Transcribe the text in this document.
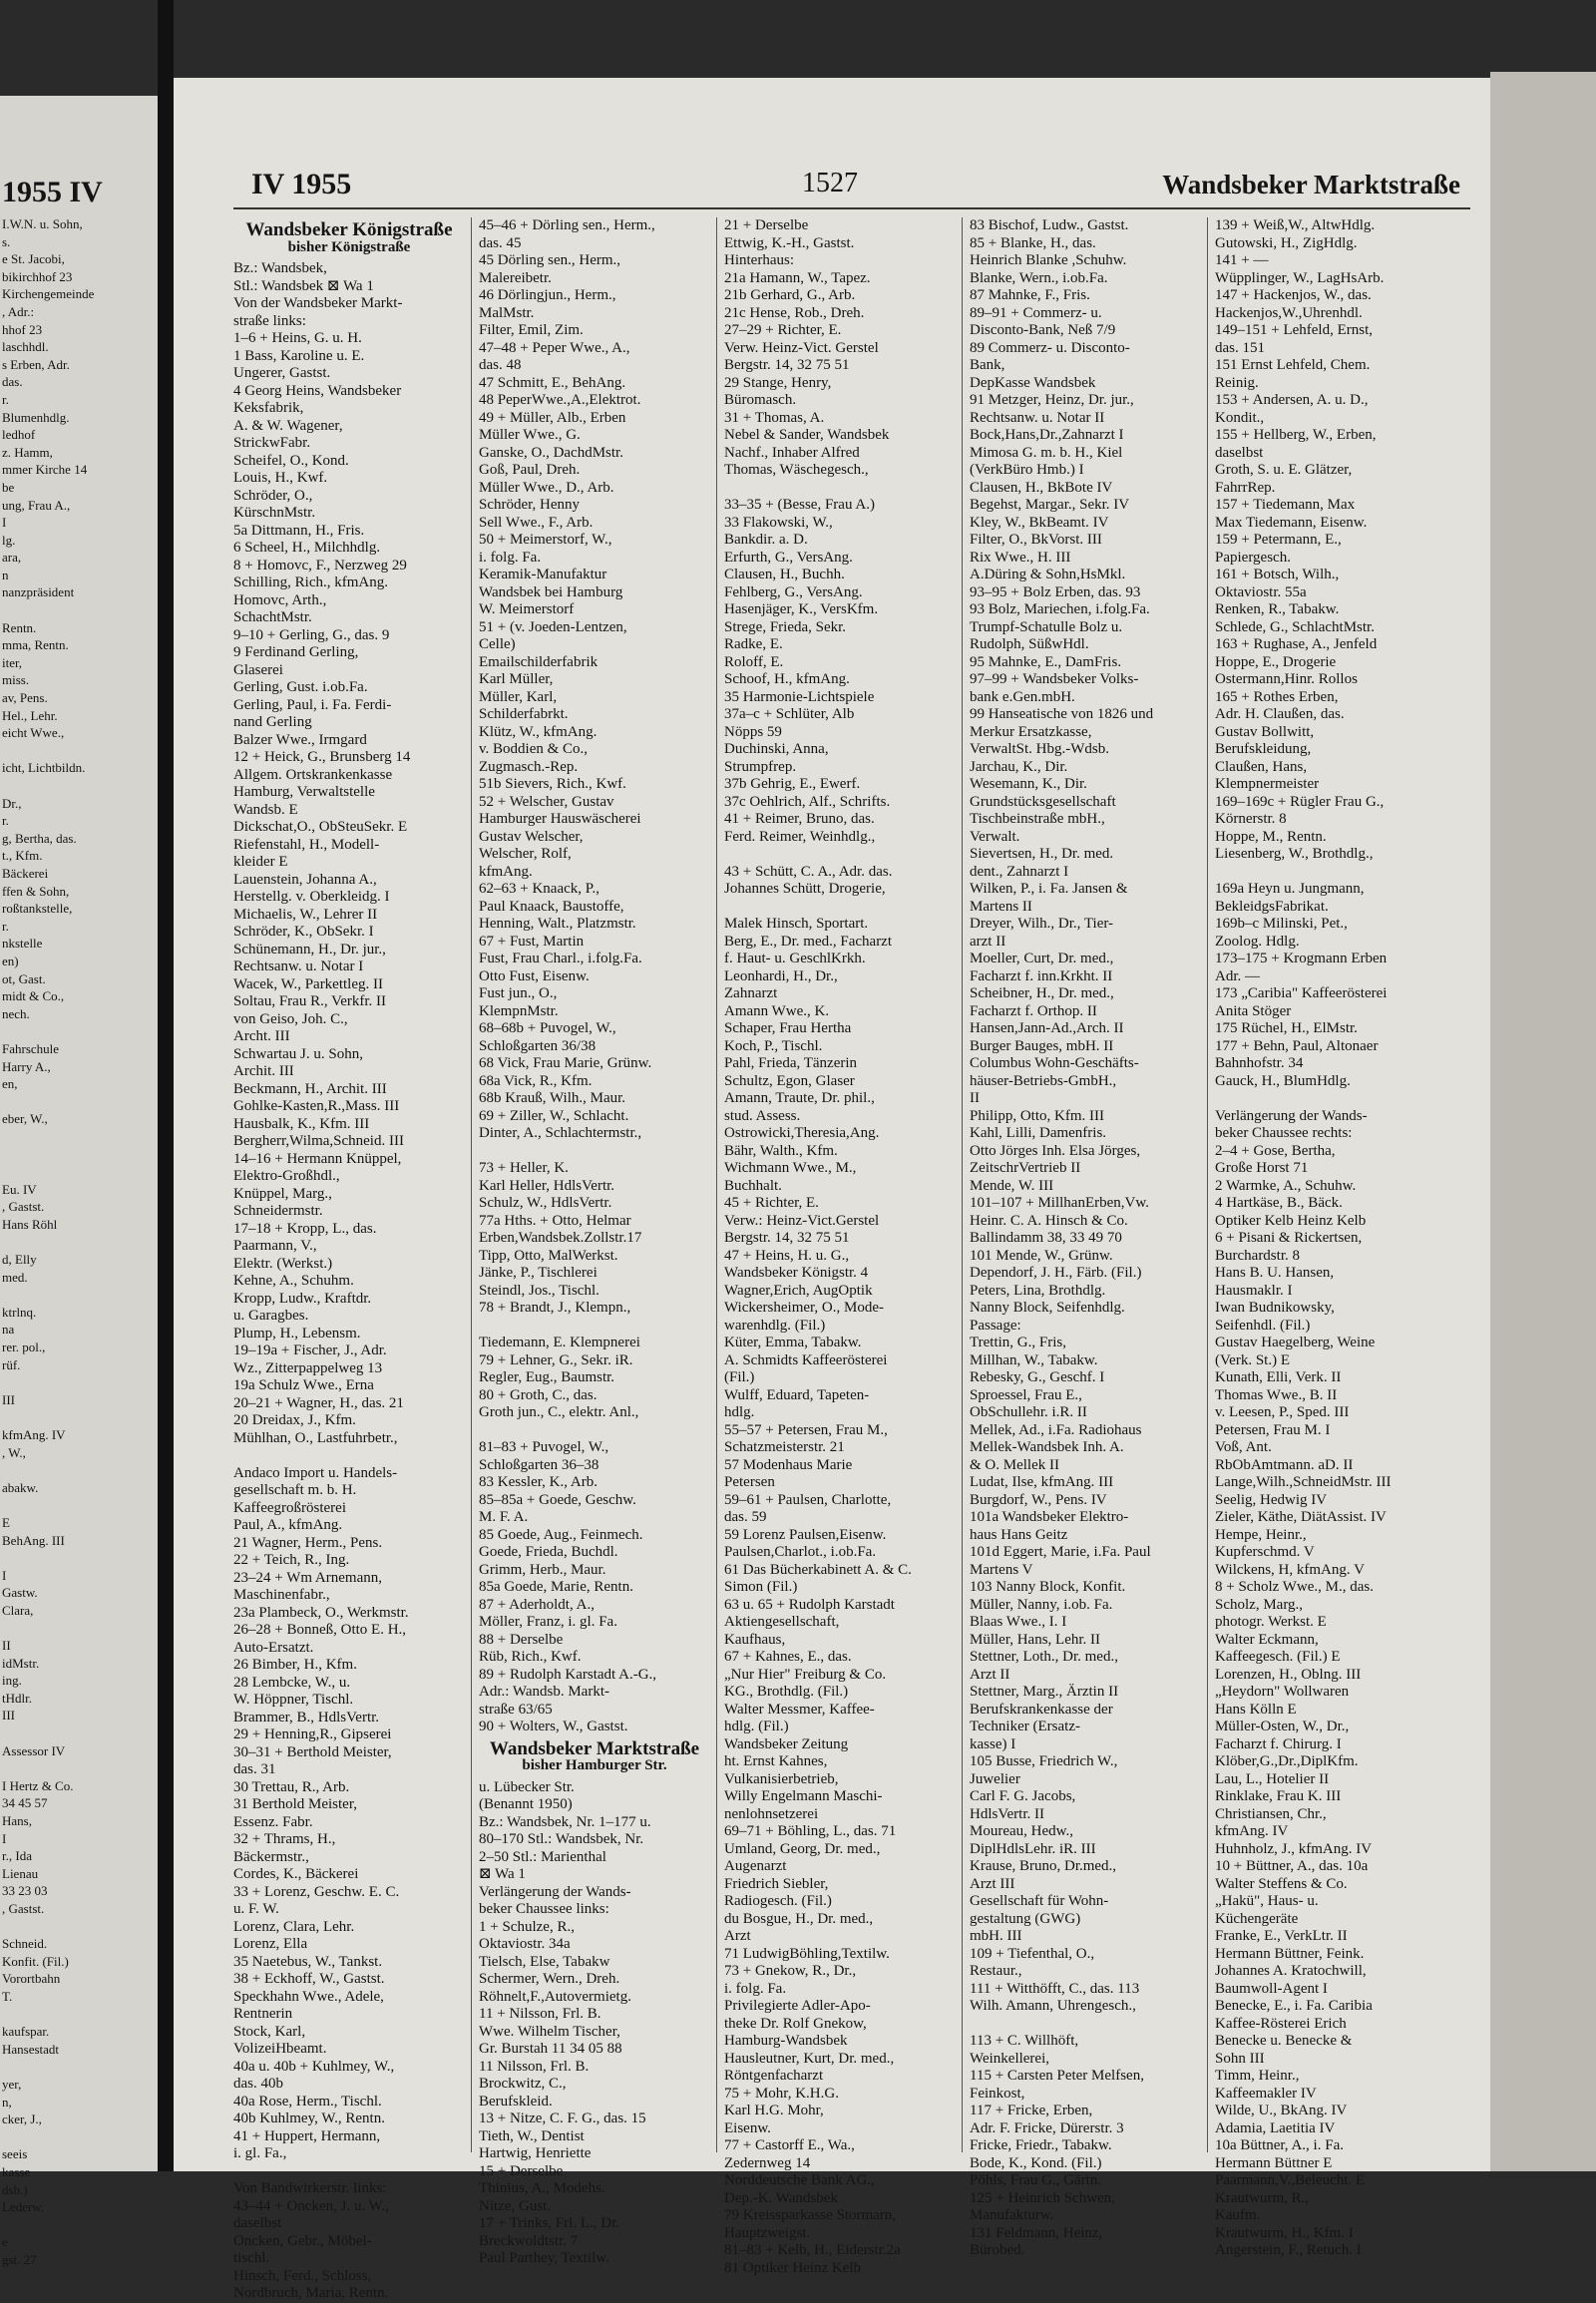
1955 IV
I.W.N. u. Sohn,
s.
e St. Jacobi,
bikirchhof 23
Kirchengemeinde
, Adr.:
hhof 23
laschhdl.
s Erben, Adr.
das.
r.
Blumenhdlg.
ledhof
z. Hamm,
mmer Kirche 14
be
ung, Frau A.,
I
lg.
ara,
n
nanzpräsident

Rentn.
mma, Rentn.
iter,
miss.
av, Pens.
Hel., Lehr.
eicht Wwe.,

icht, Lichtbildn.

Dr.,
r.
g, Bertha, das.
t., Kfm.
Bäckerei
ffen & Sohn,
roßtankstelle,
r.
nkstelle
en)
ot, Gast.
midt & Co.,
nech.

Fahrschule
Harry A.,
en,

eber, W.,

Eu. IV
, Gastst.
Hans Röhl

d, Elly
med.

ktrlnq.
na
rer. pol.,
rüf.

III

kfmAng. IV
, W.,

abakw.

E
BehAng. III

I
Gastw.
Clara,

II
idMstr.
ing.
tHdlr.
III

Assessor IV

I Hertz & Co.
34 45 57
Hans,
I
r., Ida
Lienau
33 23 03
, Gastst.

Schneid.
Konfit. (Fil.)
Vorortbahn
T.

kaufspar.
Hansestadt

yer,
n,
cker, J.,

seeis
kasse
dsb.)
Lederw.

e
gst. 27
IV 1955	1527	Wandsbeker Marktstraße
Wandsbeker Königstraße
bisher Königstraße
Bz.: Wandsbek,
Stl.: Wandsbek ⊠ Wa 1
Von der Wandsbeker Markt-
straße links:
1–6 + Heins, G. u. H.
1 Bass, Karoline u. E.
Ungerer, Gastst.
4 Georg Heins, Wandsbeker
Keksfabrik,
A. & W. Wagener,
StrickwFabr.
Scheifel, O., Kond.
Louis, H., Kwf.
Schröder, O.,
KürschnMstr.
5a Dittmann, H., Fris.
6 Scheel, H., Milchhdlg.
8 + Homovc, F., Nerzweg 29
Schilling, Rich., kfmAng.
Homovc, Arth.,
SchachtMstr.
9–10 + Gerling, G., das. 9
9 Ferdinand Gerling,
Glaserei
Gerling, Gust. i.ob.Fa.
Gerling, Paul, i. Fa. Ferdi-
nand Gerling
Balzer Wwe., Irmgard
12 + Heick, G., Brunsberg 14
Allgem. Ortskrankenkasse
Hamburg, Verwaltstelle
Wandsb. E
Dickschat,O., ObSteuSekr. E
Riefenstahl, H., Modell-
kleider E
Lauenstein, Johanna A.,
Herstellg. v. Oberkleidg. I
Michaelis, W., Lehrer II
Schröder, K., ObSekr. I
Schünemann, H., Dr. jur.,
Rechtsanw. u. Notar I
Wacek, W., Parkettleg. II
Soltau, Frau R., Verkfr. II
von Geiso, Joh. C.,
Archt. III
Schwartau J. u. Sohn,
Archit. III
Beckmann, H., Archit. III
Gohlke-Kasten,R.,Mass. III
Hausbalk, K., Kfm. III
Bergherr,Wilma,Schneid. III
14–16 + Hermann Knüppel,
Elektro-Großhdl.,
Knüppel, Marg.,
Schneidermstr.
17–18 + Kropp, L., das.
Paarmann, V.,
Elektr. (Werkst.)
Kehne, A., Schuhm.
Kropp, Ludw., Kraftdr.
u. Garagbes.
Plump, H., Lebensm.
19–19a + Fischer, J., Adr.
Wz., Zitterpappelweg 13
19a Schulz Wwe., Erna
20–21 + Wagner, H., das. 21
20 Dreidax, J., Kfm.
Mühlhan, O., Lastfuhrbetr.,

Andaco Import u. Handels-
gesellschaft m. b. H.
Kaffeegroßrösterei
Paul, A., kfmAng.
21 Wagner, Herm., Pens.
22 + Teich, R., Ing.
23–24 + Wm Arnemann,
Maschinenfabr.,
23a Plambeck, O., Werkmstr.
26–28 + Bonneß, Otto E. H.,
Auto-Ersatzt.
26 Bimber, H., Kfm.
28 Lembcke, W., u.
W. Höppner, Tischl.
Brammer, B., HdlsVertr.
29 + Henning,R., Gipserei
30–31 + Berthold Meister,
das. 31
30 Trettau, R., Arb.
31 Berthold Meister,
Essenz. Fabr.
32 + Thrams, H.,
Bäckermstr.,
Cordes, K., Bäckerei
33 + Lorenz, Geschw. E. C.
u. F. W.
Lorenz, Clara, Lehr.
Lorenz, Ella
35 Naetebus, W., Tankst.
38 + Eckhoff, W., Gastst.
Speckhahn Wwe., Adele,
Rentnerin
Stock, Karl,
VolizeiHbeamt.
40a u. 40b + Kuhlmey, W.,
das. 40b
40a Rose, Herm., Tischl.
40b Kuhlmey, W., Rentn.
41 + Huppert, Hermann,
i. gl. Fa.,

Von Bandwirkerstr. links:
43–44 + Oncken, J. u. W.,
daselbst
Oncken, Gebr., Möbel-
tischl.
Hinsch, Ferd., Schloss,
Nordbruch, Maria, Rentn.
45–46 + Dörling sen., Herm.,
das. 45
45 Dörling sen., Herm.,
Malereibetr.
46 Dörlingjun., Herm.,
MalMstr.
Filter, Emil, Zim.
47–48 + Peper Wwe., A.,
das. 48
47 Schmitt, E., BehAng.
48 PeperWwe.,A.,Elektrot.
49 + Müller, Alb., Erben
Müller Wwe., G.
Ganske, O., DachdMstr.
Goß, Paul, Dreh.
Müller Wwe., D., Arb.
Schröder, Henny
Sell Wwe., F., Arb.
50 + Meimerstorf, W.,
i. folg. Fa.
Keramik-Manufaktur
Wandsbek bei Hamburg
W. Meimerstorf
51 + (v. Joeden-Lentzen,
Celle)
Emailschilderfabrik
Karl Müller,
Müller, Karl,
Schilderfabrkt.
Klütz, W., kfmAng.
v. Boddien & Co.,
Zugmasch.-Rep.
51b Sievers, Rich., Kwf.
52 + Welscher, Gustav
Hamburger Hauswäscherei
Gustav Welscher,
Welscher, Rolf,
kfmAng.
62–63 + Knaack, P.,
Paul Knaack, Baustoffe,
Henning, Walt., Platzmstr.
67 + Fust, Martin
Fust, Frau Charl., i.folg.Fa.
Otto Fust, Eisenw.
Fust jun., O.,
KlempnMstr.
68–68b + Puvogel, W.,
Schloßgarten 36/38
68 Vick, Frau Marie, Grünw.
68a Vick, R., Kfm.
68b Krauß, Wilh., Maur.
69 + Ziller, W., Schlacht.
Dinter, A., Schlachtermstr.,

73 + Heller, K.
Karl Heller, HdlsVertr.
Schulz, W., HdlsVertr.
77a Hths. + Otto, Helmar
Erben,Wandsbek.Zollstr.17
Tipp, Otto, MalWerkst.
Jänke, P., Tischlerei
Steindl, Jos., Tischl.
78 + Brandt, J., Klempn.,

Tiedemann, E. Klempnerei
79 + Lehner, G., Sekr. iR.
Regler, Eug., Baumstr.
80 + Groth, C., das.
Groth jun., C., elektr. Anl.,

81–83 + Puvogel, W.,
Schloßgarten 36–38
83 Kessler, K., Arb.
85–85a + Goede, Geschw.
M. F. A.
85 Goede, Aug., Feinmech.
Goede, Frieda, Buchdl.
Grimm, Herb., Maur.
85a Goede, Marie, Rentn.
87 + Aderholdt, A.,
Möller, Franz, i. gl. Fa.
88 + Derselbe
Rüb, Rich., Kwf.
89 + Rudolph Karstadt A.-G.,
Adr.: Wandsb. Markt-
straße 63/65
90 + Wolters, W., Gastst.
Wandsbeker Marktstraße
bisher Hamburger Str.
u. Lübecker Str.
(Benannt 1950)
Bz.: Wandsbek, Nr. 1–177 u.
80–170 Stl.: Wandsbek, Nr.
2–50 Stl.: Marienthal
⊠ Wa 1
Verlängerung der Wands-
beker Chaussee links:
1 + Schulze, R.,
Oktaviostr. 34a
Tielsch, Else, Tabakw
Schermer, Wern., Dreh.
Röhnelt,F.,Autovermietg.
11 + Nilsson, Frl. B.
Wwe. Wilhelm Tischer,
Gr. Burstah 11 34 05 88
11 Nilsson, Frl. B.
Brockwitz, C.,
Berufskleid.
13 + Nitze, C. F. G., das. 15
Tieth, W., Dentist
Hartwig, Henriette
15 + Derselbe
Thinius, A., Modehs.
Nitze, Gust.
17 + Trinks, Frl. L., Dr.
Breckwoldtstr. 7
Paul Parthey, Textilw.
21 + Derselbe
Ettwig, K.-H., Gastst.
Hinterhaus:
21a Hamann, W., Tapez.
21b Gerhard, G., Arb.
21c Hense, Rob., Dreh.
27–29 + Richter, E.
Verw. Heinz-Vict. Gerstel
Bergstr. 14, 32 75 51
29 Stange, Henry,
Büromasch.
31 + Thomas, A.
Nebel & Sander, Wandsbek
Nachf., Inhaber Alfred
Thomas, Wäschegesch.,

33–35 + (Besse, Frau A.)
33 Flakowski, W.,
Bankdir. a. D.
Erfurth, G., VersAng.
Clausen, H., Buchh.
Fehlberg, G., VersAng.
Hasenjäger, K., VersKfm.
Strege, Frieda, Sekr.
Radke, E.
Roloff, E.
Schoof, H., kfmAng.
35 Harmonie-Lichtspiele
37a–c + Schlüter, Alb
Nöpps 59
Duchinski, Anna,
Strumpfrep.
37b Gehrig, E., Ewerf.
37c Oehlrich, Alf., Schrifts.
41 + Reimer, Bruno, das.
Ferd. Reimer, Weinhdlg.,

43 + Schütt, C. A., Adr. das.
Johannes Schütt, Drogerie,

Malek Hinsch, Sportart.
Berg, E., Dr. med., Facharzt
f. Haut- u. GeschlKrkh.
Leonhardi, H., Dr.,
Zahnarzt
Amann Wwe., K.
Schaper, Frau Hertha
Koch, P., Tischl.
Pahl, Frieda, Tänzerin
Schultz, Egon, Glaser
Amann, Traute, Dr. phil.,
stud. Assess.
Ostrowicki,Theresia,Ang.
Bähr, Walth., Kfm.
Wichmann Wwe., M.,
Buchhalt.
45 + Richter, E.
Verw.: Heinz-Vict.Gerstel
Bergstr. 14, 32 75 51
47 + Heins, H. u. G.,
Wandsbeker Königstr. 4
Wagner,Erich, AugOptik
Wickersheimer, O., Mode-
warenhdlg. (Fil.)
Küter, Emma, Tabakw.
A. Schmidts Kaffeerösterei
(Fil.)
Wulff, Eduard, Tapeten-
hdlg.
55–57 + Petersen, Frau M.,
Schatzmeisterstr. 21
57 Modenhaus Marie
Petersen
59–61 + Paulsen, Charlotte,
das. 59
59 Lorenz Paulsen,Eisenw.
Paulsen,Charlot., i.ob.Fa.
61 Das Bücherkabinett A. & C.
Simon (Fil.)
63 u. 65 + Rudolph Karstadt
Aktiengesellschaft,
Kaufhaus,
67 + Kahnes, E., das.
„Nur Hier" Freiburg & Co.
KG., Brothdlg. (Fil.)
Walter Messmer, Kaffee-
hdlg. (Fil.)
Wandsbeker Zeitung
ht. Ernst Kahnes,
Vulkanisierbetrieb,
Willy Engelmann Maschi-
nenlohnsetzerei
69–71 + Böhling, L., das. 71
Umland, Georg, Dr. med.,
Augenarzt
Friedrich Siebler,
Radiogesch. (Fil.)
du Bosgue, H., Dr. med.,
Arzt
71 LudwigBöhling,Textilw.
73 + Gnekow, R., Dr.,
i. folg. Fa.
Privilegierte Adler-Apo-
theke Dr. Rolf Gnekow,
Hamburg-Wandsbek
Hausleutner, Kurt, Dr. med.,
Röntgenfacharzt
75 + Mohr, K.H.G.
Karl H.G. Mohr,
Eisenw.
77 + Castorff E., Wa.,
Zedernweg 14
Norddeutsche Bank AG.,
Dep.-K. Wandsbek
79 Kreissparkasse Stormarn,
Hauptzweigst.
81–83 + Kelb, H., Eiderstr.2a
81 Optiker Heinz Kelb
83 Bischof, Ludw., Gastst.
85 + Blanke, H., das.
Heinrich Blanke ,Schuhw.
Blanke, Wern., i.ob.Fa.
87 Mahnke, F., Fris.
89–91 + Commerz- u.
Disconto-Bank, Neß 7/9
89 Commerz- u. Disconto-
Bank,
DepKasse Wandsbek
91 Metzger, Heinz, Dr. jur.,
Rechtsanw. u. Notar II
Bock,Hans,Dr.,Zahnarzt I
Mimosa G. m. b. H., Kiel
(VerkBüro Hmb.) I
Clausen, H., BkBote IV
Begehst, Margar., Sekr. IV
Kley, W., BkBeamt. IV
Filter, O., BkVorst. III
Rix Wwe., H. III
A.Düring & Sohn,HsMkl.
93–95 + Bolz Erben, das. 93
93 Bolz, Mariechen, i.folg.Fa.
Trumpf-Schatulle Bolz u.
Rudolph, SüßwHdl.
95 Mahnke, E., DamFris.
97–99 + Wandsbeker Volks-
bank e.Gen.mbH.
99 Hanseatische von 1826 und
Merkur Ersatzkasse,
VerwaltSt. Hbg.-Wdsb.
Jarchau, K., Dir.
Wesemann, K., Dir.
Grundstücksgesellschaft
Tischbeinstraße mbH.,
Verwalt.
Sievertsen, H., Dr. med.
dent., Zahnarzt I
Wilken, P., i. Fa. Jansen &
Martens II
Dreyer, Wilh., Dr., Tier-
arzt II
Moeller, Curt, Dr. med.,
Facharzt f. inn.Krkht. II
Scheibner, H., Dr. med.,
Facharzt f. Orthop. II
Hansen,Jann-Ad.,Arch. II
Burger Bauges, mbH. II
Columbus Wohn-Geschäfts-
häuser-Betriebs-GmbH.,
II
Philipp, Otto, Kfm. III
Kahl, Lilli, Damenfris.
Otto Jörges Inh. Elsa Jörges,
ZeitschrVertrieb II
Mende, W. III
101–107 + MillhanErben,Vw.
Heinr. C. A. Hinsch & Co.
Ballindamm 38, 33 49 70
101 Mende, W., Grünw.
Dependorf, J. H., Färb. (Fil.)
Peters, Lina, Brothdlg.
Nanny Block, Seifenhdlg.
Passage:
Trettin, G., Fris,
Millhan, W., Tabakw.
Rebesky, G., Geschf. I
Sproessel, Frau E.,
ObSchullehr. i.R. II
Mellek, Ad., i.Fa. Radiohaus
Mellek-Wandsbek Inh. A.
& O. Mellek II
Ludat, Ilse, kfmAng. III
Burgdorf, W., Pens. IV
101a Wandsbeker Elektro-
haus Hans Geitz
101d Eggert, Marie, i.Fa. Paul
Martens V
103 Nanny Block, Konfit.
Müller, Nanny, i.ob. Fa.
Blaas Wwe., I. I
Müller, Hans, Lehr. II
Stettner, Loth., Dr. med.,
Arzt II
Stettner, Marg., Ärztin II
Berufskrankenkasse der
Techniker (Ersatz-
kasse) I
105 Busse, Friedrich W.,
Juwelier
Carl F. G. Jacobs,
HdlsVertr. II
Moureau, Hedw.,
DiplHdlsLehr. iR. III
Krause, Bruno, Dr.med.,
Arzt III
Gesellschaft für Wohn-
gestaltung (GWG)
mbH. III
109 + Tiefenthal, O.,
Restaur.,
111 + Witthöfft, C., das. 113
Wilh. Amann, Uhrengesch.,

113 + C. Willhöft,
Weinkellerei,
115 + Carsten Peter Melfsen,
Feinkost,
117 + Fricke, Erben,
Adr. F. Fricke, Dürerstr. 3
Fricke, Friedr., Tabakw.
Bode, K., Kond. (Fil.)
Pöhls, Frau G., Gärtn.
125 + Heinrich Schwen,
Manufakturw.
131 Feldmann, Heinz,
Bürobed.
139 + Weiß,W., AltwHdlg.
Gutowski, H., ZigHdlg.
141 + —
Wüpplinger, W., LagHsArb.
147 + Hackenjos, W., das.
Hackenjos,W.,Uhrenhdl.
149–151 + Lehfeld, Ernst,
das. 151
151 Ernst Lehfeld, Chem.
Reinig.
153 + Andersen, A. u. D.,
Kondit.,
155 + Hellberg, W., Erben,
daselbst
Groth, S. u. E. Glätzer,
FahrrRep.
157 + Tiedemann, Max
Max Tiedemann, Eisenw.
159 + Petermann, E.,
Papiergesch.
161 + Botsch, Wilh.,
Oktaviostr. 55a
Renken, R., Tabakw.
Schlede, G., SchlachtMstr.
163 + Rughase, A., Jenfeld
Hoppe, E., Drogerie
Ostermann,Hinr. Rollos
165 + Rothes Erben,
Adr. H. Claußen, das.
Gustav Bollwitt,
Berufskleidung,
Claußen, Hans,
Klempnermeister
169–169c + Rügler Frau G.,
Körnerstr. 8
Hoppe, M., Rentn.
Liesenberg, W., Brothdlg.,

169a Heyn u. Jungmann,
BekleidgsFabrikat.
169b–c Milinski, Pet.,
Zoolog. Hdlg.
173–175 + Krogmann Erben
Adr. —
173 „Caribia" Kaffeerösterei
Anita Stöger
175 Rüchel, H., ElMstr.
177 + Behn, Paul, Altonaer
Bahnhofstr. 34
Gauck, H., BlumHdlg.

Verlängerung der Wands-
beker Chaussee rechts:
2–4 + Gose, Bertha,
Große Horst 71
2 Warmke, A., Schuhw.
4 Hartkäse, B., Bäck.
Optiker Kelb Heinz Kelb
6 + Pisani & Rickertsen,
Burchardstr. 8
Hans B. U. Hansen,
Hausmaklr. I
Iwan Budnikowsky,
Seifenhdl. (Fil.)
Gustav Haegelberg, Weine
(Verk. St.) E
Kunath, Elli, Verk. II
Thomas Wwe., B. II
v. Leesen, P., Sped. III
Petersen, Frau M. I
Voß, Ant.
RbObAmtmann. aD. II
Lange,Wilh.,SchneidMstr. III
Seelig, Hedwig IV
Zieler, Käthe, DiätAssist. IV
Hempe, Heinr.,
Kupferschmd. V
Wilckens, H, kfmAng. V
8 + Scholz Wwe., M., das.
Scholz, Marg.,
photogr. Werkst. E
Walter Eckmann,
Kaffeegesch. (Fil.) E
Lorenzen, H., Oblng. III
„Heydorn" Wollwaren
Hans Kölln E
Müller-Osten, W., Dr.,
Facharzt f. Chirurg. I
Klöber,G.,Dr.,DiplKfm.
Lau, L., Hotelier II
Rinklake, Frau K. III
Christiansen, Chr.,
kfmAng. IV
Huhnholz, J., kfmAng. IV
10 + Büttner, A., das. 10a
Walter Steffens & Co.
„Hakü", Haus- u.
Küchengeräte
Franke, E., VerkLtr. II
Hermann Büttner, Feink.
Johannes A. Kratochwill,
Baumwoll-Agent I
Benecke, E., i. Fa. Caribia
Kaffee-Rösterei Erich
Benecke u. Benecke &
Sohn III
Timm, Heinr.,
Kaffeemakler IV
Wilde, U., BkAng. IV
Adamia, Laetitia IV
10a Büttner, A., i. Fa.
Hermann Büttner E
Paarmann,V.,Beleucht. E
Krautwurm, R.,
Kaufm.
Krautwurm, H., Kfm. I
Angerstein, F., Retuch. I
